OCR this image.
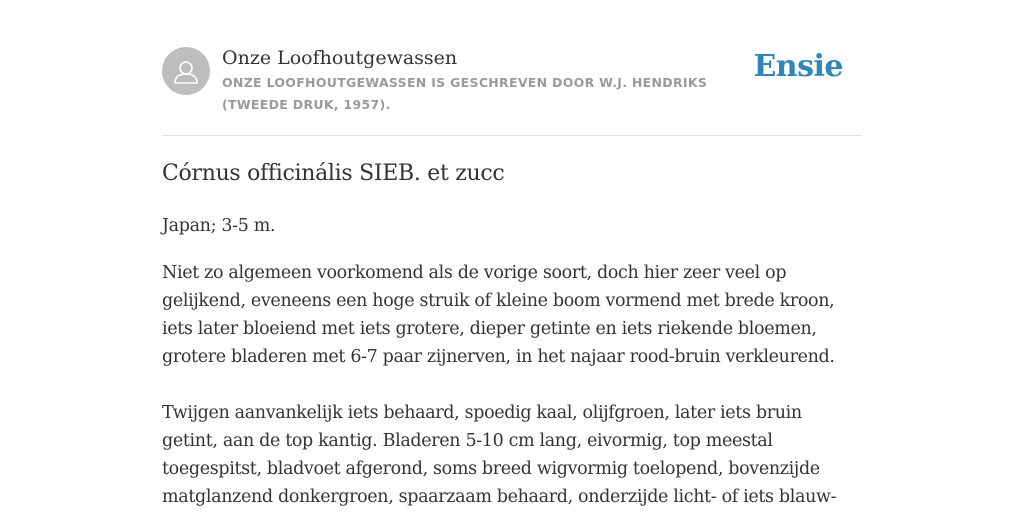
Onze Loofhoutgewassen
ONZE LOOFHOUTGEWASSEN IS GESCHREVEN DOOR W.J. HENDRIKS (TWEEDE DRUK, 1957).
Ensie
Córnus officinális SIEB. et zucc

Japan; 3-5 m.

Niet zo algemeen voorkomend als de vorige soort, doch hier zeer veel op gelijkend, eveneens een hoge struik of kleine boom vormend met brede kroon, iets later bloeiend met iets grotere, dieper getinte en iets riekende bloemen, grotere bladeren met 6-7 paar zijnerven, in het najaar rood-bruin verkleurend.

Twijgen aanvankelijk iets behaard, spoedig kaal, olijfgroen, later iets bruin getint, aan de top kantig. Bladeren 5-10 cm lang, eivormig, top meestal toegespitst, bladvoet afgerond, soms breed wigvormig toelopend, bovenzijde matglanzend donkergroen, spaarzaam behaard, onderzijde licht- of iets blauw-
